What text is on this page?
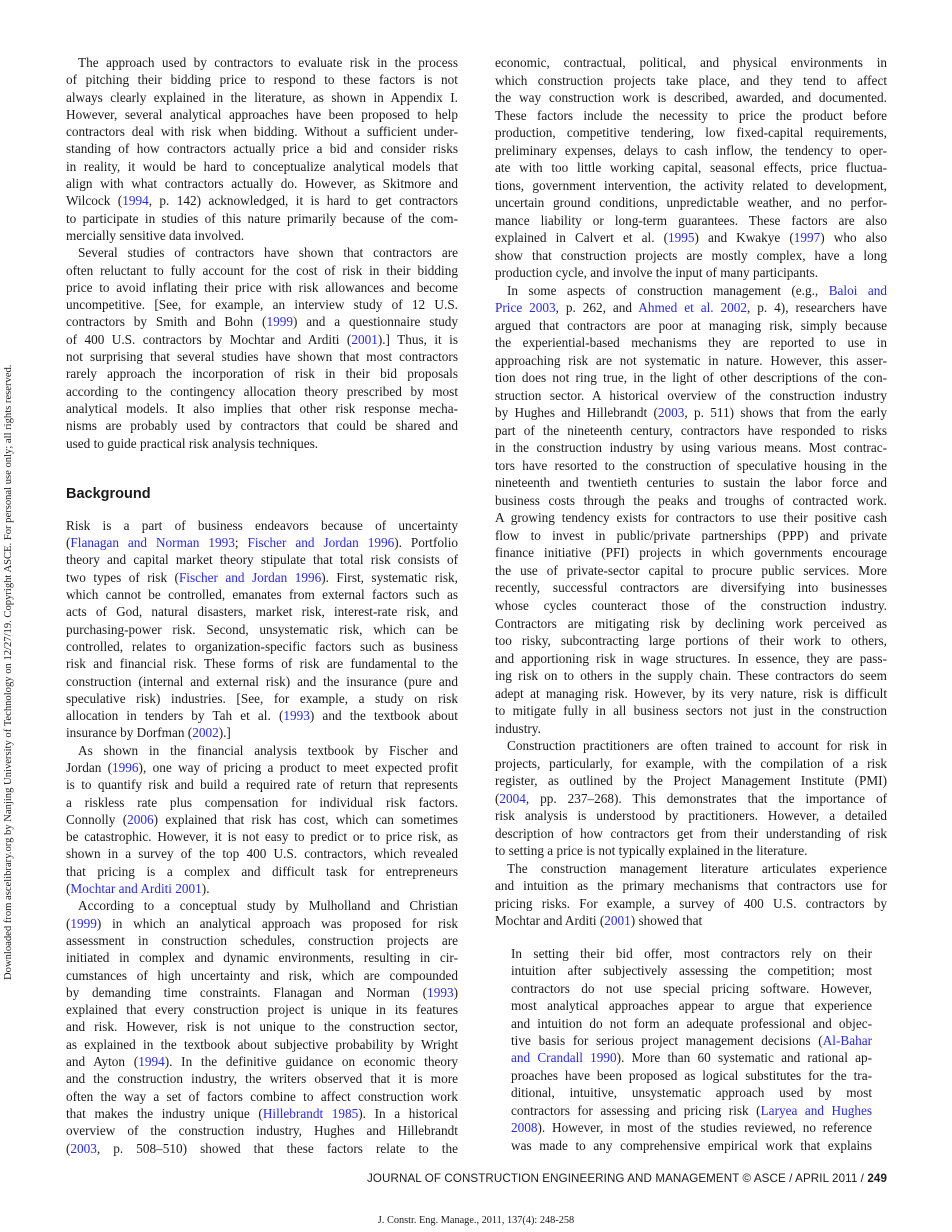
Downloaded from ascelibrary.org by Nanjing University of Technology on 12/27/19. Copyright ASCE. For personal use only; all rights reserved.
The approach used by contractors to evaluate risk in the process
of pitching their bidding price to respond to these factors is not
always clearly explained in the literature, as shown in Appendix I.
However, several analytical approaches have been proposed to help
contractors deal with risk when bidding. Without a sufficient under-
standing of how contractors actually price a bid and consider risks
in reality, it would be hard to conceptualize analytical models that
align with what contractors actually do. However, as Skitmore and
Wilcock (1994, p. 142) acknowledged, it is hard to get contractors
to participate in studies of this nature primarily because of the com-
mercially sensitive data involved.
Several studies of contractors have shown that contractors are
often reluctant to fully account for the cost of risk in their bidding
price to avoid inflating their price with risk allowances and become
uncompetitive. [See, for example, an interview study of 12 U.S.
contractors by Smith and Bohn (1999) and a questionnaire study
of 400 U.S. contractors by Mochtar and Arditi (2001).] Thus, it is
not surprising that several studies have shown that most contractors
rarely approach the incorporation of risk in their bid proposals
according to the contingency allocation theory prescribed by most
analytical models. It also implies that other risk response mecha-
nisms are probably used by contractors that could be shared and
used to guide practical risk analysis techniques.
Background
Risk is a part of business endeavors because of uncertainty
(Flanagan and Norman 1993; Fischer and Jordan 1996). Portfolio
theory and capital market theory stipulate that total risk consists of
two types of risk (Fischer and Jordan 1996). First, systematic risk,
which cannot be controlled, emanates from external factors such as
acts of God, natural disasters, market risk, interest-rate risk, and
purchasing-power risk. Second, unsystematic risk, which can be
controlled, relates to organization-specific factors such as business
risk and financial risk. These forms of risk are fundamental to the
construction (internal and external risk) and the insurance (pure and
speculative risk) industries. [See, for example, a study on risk
allocation in tenders by Tah et al. (1993) and the textbook about
insurance by Dorfman (2002).]
As shown in the financial analysis textbook by Fischer and
Jordan (1996), one way of pricing a product to meet expected profit
is to quantify risk and build a required rate of return that represents
a riskless rate plus compensation for individual risk factors.
Connolly (2006) explained that risk has cost, which can sometimes
be catastrophic. However, it is not easy to predict or to price risk, as
shown in a survey of the top 400 U.S. contractors, which revealed
that pricing is a complex and difficult task for entrepreneurs
(Mochtar and Arditi 2001).
According to a conceptual study by Mulholland and Christian
(1999) in which an analytical approach was proposed for risk
assessment in construction schedules, construction projects are
initiated in complex and dynamic environments, resulting in cir-
cumstances of high uncertainty and risk, which are compounded
by demanding time constraints. Flanagan and Norman (1993)
explained that every construction project is unique in its features
and risk. However, risk is not unique to the construction sector,
as explained in the textbook about subjective probability by Wright
and Ayton (1994). In the definitive guidance on economic theory
and the construction industry, the writers observed that it is more
often the way a set of factors combine to affect construction work
that makes the industry unique (Hillebrandt 1985). In a historical
overview of the construction industry, Hughes and Hillebrandt
(2003, p. 508–510) showed that these factors relate to the
economic, contractual, political, and physical environments in
which construction projects take place, and they tend to affect
the way construction work is described, awarded, and documented.
These factors include the necessity to price the product before
production, competitive tendering, low fixed-capital requirements,
preliminary expenses, delays to cash inflow, the tendency to oper-
ate with too little working capital, seasonal effects, price fluctua-
tions, government intervention, the activity related to development,
uncertain ground conditions, unpredictable weather, and no perfor-
mance liability or long-term guarantees. These factors are also
explained in Calvert et al. (1995) and Kwakye (1997) who also
show that construction projects are mostly complex, have a long
production cycle, and involve the input of many participants.
In some aspects of construction management (e.g., Baloi and
Price 2003, p. 262, and Ahmed et al. 2002, p. 4), researchers have
argued that contractors are poor at managing risk, simply because
the experiential-based mechanisms they are reported to use in
approaching risk are not systematic in nature. However, this asser-
tion does not ring true, in the light of other descriptions of the con-
struction sector. A historical overview of the construction industry
by Hughes and Hillebrandt (2003, p. 511) shows that from the early
part of the nineteenth century, contractors have responded to risks
in the construction industry by using various means. Most contrac-
tors have resorted to the construction of speculative housing in the
nineteenth and twentieth centuries to sustain the labor force and
business costs through the peaks and troughs of contracted work.
A growing tendency exists for contractors to use their positive cash
flow to invest in public/private partnerships (PPP) and private
finance initiative (PFI) projects in which governments encourage
the use of private-sector capital to procure public services. More
recently, successful contractors are diversifying into businesses
whose cycles counteract those of the construction industry.
Contractors are mitigating risk by declining work perceived as
too risky, subcontracting large portions of their work to others,
and apportioning risk in wage structures. In essence, they are pass-
ing risk on to others in the supply chain. These contractors do seem
adept at managing risk. However, by its very nature, risk is difficult
to mitigate fully in all business sectors not just in the construction
industry.
Construction practitioners are often trained to account for risk in
projects, particularly, for example, with the compilation of a risk
register, as outlined by the Project Management Institute (PMI)
(2004, pp. 237–268). This demonstrates that the importance of
risk analysis is understood by practitioners. However, a detailed
description of how contractors get from their understanding of risk
to setting a price is not typically explained in the literature.
The construction management literature articulates experience
and intuition as the primary mechanisms that contractors use for
pricing risks. For example, a survey of 400 U.S. contractors by
Mochtar and Arditi (2001) showed that
In setting their bid offer, most contractors rely on their
intuition after subjectively assessing the competition; most
contractors do not use special pricing software. However,
most analytical approaches appear to argue that experience
and intuition do not form an adequate professional and objec-
tive basis for serious project management decisions (Al-Bahar
and Crandall 1990). More than 60 systematic and rational ap-
proaches have been proposed as logical substitutes for the tra-
ditional, intuitive, unsystematic approach used by most
contractors for assessing and pricing risk (Laryea and Hughes
2008). However, in most of the studies reviewed, no reference
was made to any comprehensive empirical work that explains
JOURNAL OF CONSTRUCTION ENGINEERING AND MANAGEMENT © ASCE / APRIL 2011 / 249
J. Constr. Eng. Manage., 2011, 137(4): 248-258
